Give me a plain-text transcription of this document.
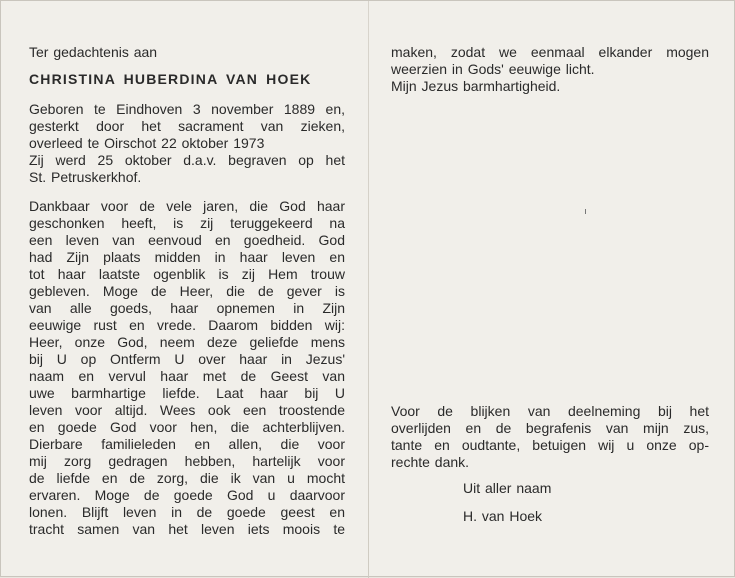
Ter gedachtenis aan
CHRISTINA HUBERDINA VAN HOEK
Geboren te Eindhoven 3 november 1889 en,
gesterkt door het sacrament van zieken,
overleed te Oirschot 22 oktober 1973
Zij werd 25 oktober d.a.v. begraven op het
St. Petruskerkhof.
Dankbaar voor de vele jaren, die God haar
geschonken heeft, is zij teruggekeerd na
een leven van eenvoud en goedheid. God
had Zijn plaats midden in haar leven en
tot haar laatste ogenblik is zij Hem trouw
gebleven. Moge de Heer, die de gever is
van alle goeds, haar opnemen in Zijn
eeuwige rust en vrede. Daarom bidden wij:
Heer, onze God, neem deze geliefde mens
bij U op Ontferm U over haar in Jezus'
naam en vervul haar met de Geest van
uwe barmhartige liefde. Laat haar bij U
leven voor altijd. Wees ook een troostende
en goede God voor hen, die achterblijven.
Dierbare familieleden en allen, die voor
mij zorg gedragen hebben, hartelijk voor
de liefde en de zorg, die ik van u mocht
ervaren. Moge de goede God u daarvoor
lonen. Blijft leven in de goede geest en
tracht samen van het leven iets moois te
maken, zodat we eenmaal elkander mogen
weerzien in Gods' eeuwige licht.
Mijn Jezus barmhartigheid.
Voor de blijken van deelneming bij het
overlijden en de begrafenis van mijn zus,
tante en oudtante, betuigen wij u onze op-
rechte dank.
Uit aller naam
H. van Hoek
